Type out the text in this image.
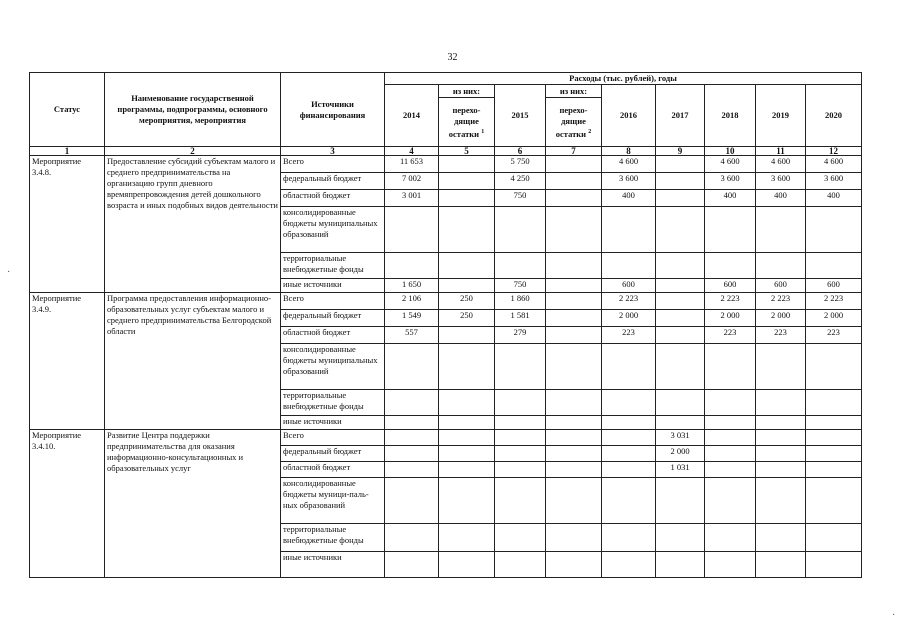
32
Статус	Наименование государственной программы, подпрограммы, основного мероприятия, мероприятия	Источники финансирования	Расходы (тыс. рублей), годы								
			2014	из них:	2015	из них:	2016	2017	2018	2019	2020
				перехо-дящие остатки $^1$		перехо-дящие остатки $^2$
1	2	3	4	5	6	7	8	9	10	11	12
Мероприятие 3.4.8.	Предоставление субсидий субъектам малого и среднего предпринимательства на организацию групп дневного времяпрепровождения детей дошкольного возраста и иных подобных видов деятельности	Всего	11 653		5 750		4 600		4 600	4 600	4 600
		федеральный бюджет	7 002		4 250		3 600		3 600	3 600	3 600
		областной бюджет	3 001		750		400		400	400	400
		консолидированные бюджеты муниципальных образований									
		территориальные внебюджетные фонды									
		иные источники	1 650		750		600		600	600	600
Мероприятие 3.4.9.	Программа предоставления информационно-образовательных услуг субъектам малого и среднего предпринимательства Белгородской области	Всего	2 106	250	1 860		2 223		2 223	2 223	2 223
		федеральный бюджет	1 549	250	1 581		2 000		2 000	2 000	2 000
		областной бюджет	557		279		223		223	223	223
		консолидированные бюджеты муниципальных образований									
		территориальные внебюджетные фонды									
		иные источники									
Мероприятие 3.4.10.	Развитие Центра поддержки предпринимательства для оказания информационно-консультационных и образовательных услуг	Всего						3 031			
		федеральный бюджет						2 000			
		областной бюджет						1 031			
		консолидированные бюджеты муници-паль-ных образований									
		территориальные внебюджетные фонды									
		иные источники									
·
·
